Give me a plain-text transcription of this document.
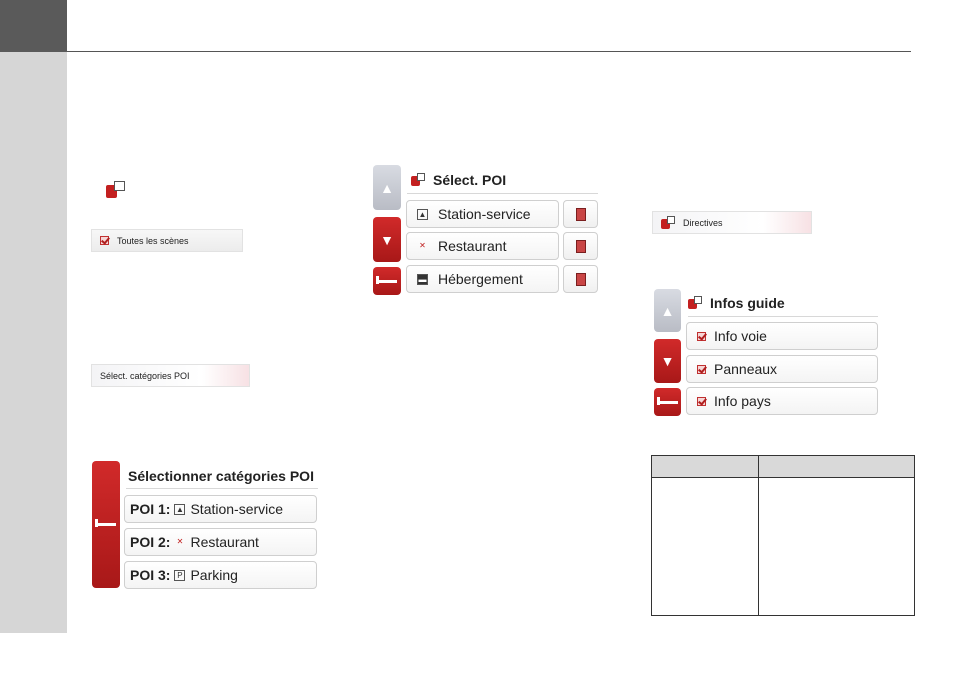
Toutes les scènes
Sélect. catégories POI
Sélectionner catégories POI
POI 1: ▲ Station-service
POI 2: ✕ Restaurant
POI 3: P Parking
▲
▼
Sélect. POI
▲ Station-service
✕ Restaurant
▬ Hébergement
Directives
▲
▼
Infos guide
Info voie
Panneaux
Info pays
